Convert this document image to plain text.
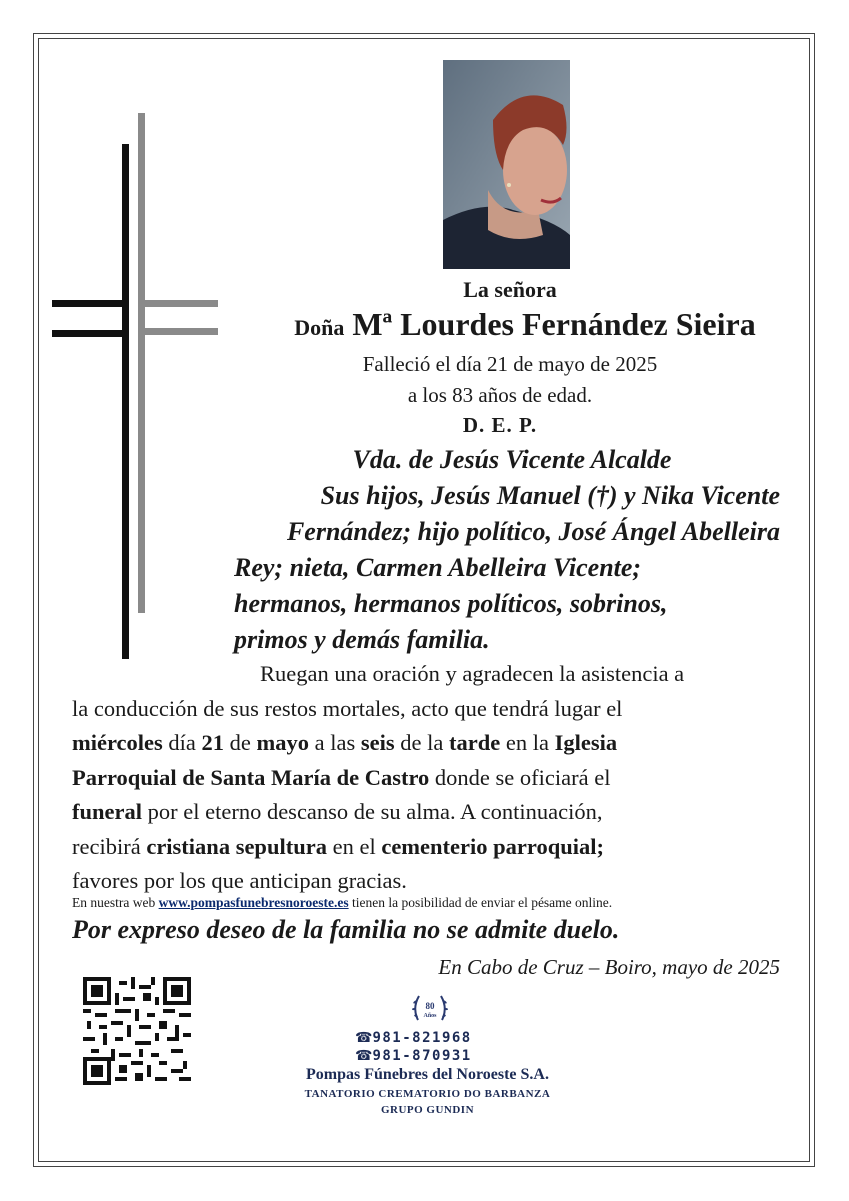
La señora
Doña Mª Lourdes Fernández Sieira
Falleció el día 21 de mayo de 2025
a los 83 años de edad.
D. E. P.
Vda. de Jesús Vicente Alcalde
Sus hijos, Jesús Manuel (†) y Nika Vicente
Fernández; hijo político, José Ángel Abelleira
Rey; nieta, Carmen Abelleira Vicente;
hermanos, hermanos políticos, sobrinos,
primos y demás familia.
Ruegan una oración y agradecen la asistencia a
la conducción de sus restos mortales, acto que tendrá lugar el
miércoles día 21 de mayo a las seis de la tarde en la Iglesia
Parroquial de Santa María de Castro donde se oficiará el
funeral por el eterno descanso de su alma. A continuación,
recibirá cristiana sepultura en el cementerio parroquial;
favores por los que anticipan gracias.
En nuestra web www.pompasfunebresnoroeste.es tienen la posibilidad de enviar el pésame online.
Por expreso deseo de la familia no se admite duelo.
En Cabo de Cruz – Boiro, mayo de 2025
80
Años
☎981-821968
☎981-870931
Pompas Fúnebres del Noroeste S.A.
TANATORIO CREMATORIO DO BARBANZA
GRUPO GUNDIN
